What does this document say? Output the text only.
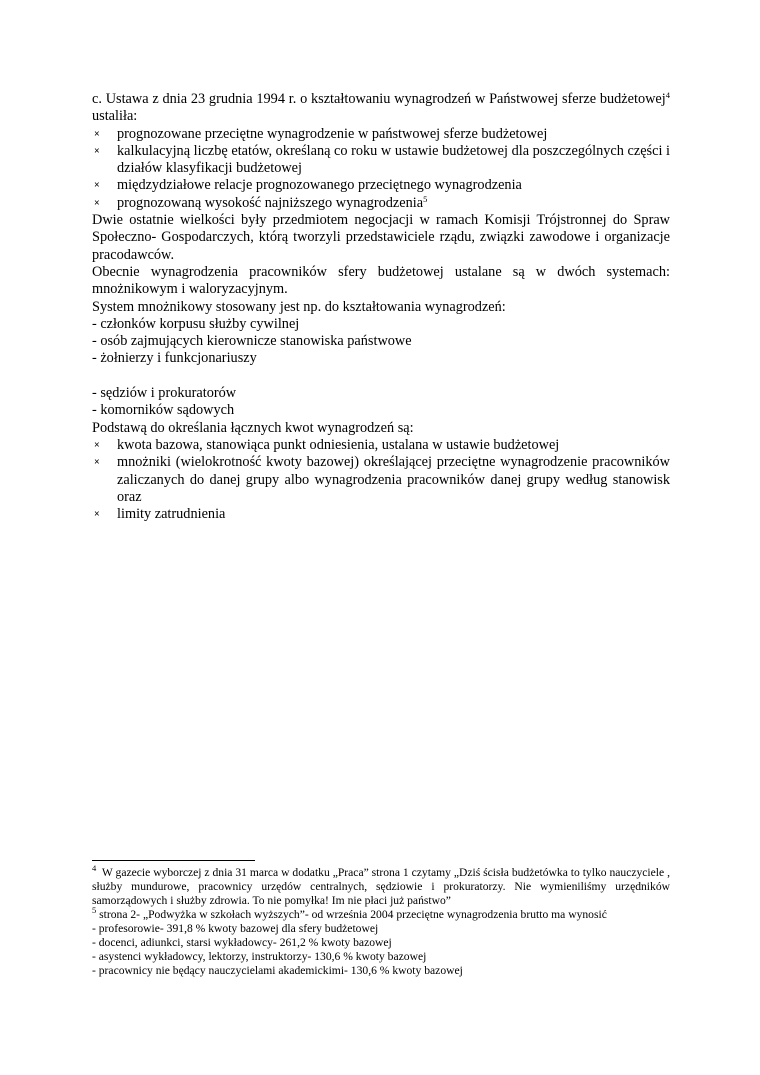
c. Ustawa z dnia 23 grudnia 1994 r. o kształtowaniu wynagrodzeń w Państwowej sferze budżetowej$^4$ ustaliła:

× prognozowane przeciętne wynagrodzenie w państwowej sferze budżetowej
× kalkulacyjną liczbę etatów, określaną co roku w ustawie budżetowej dla poszczególnych części i działów klasyfikacji budżetowej
× międzydziałowe relacje prognozowanego przeciętnego wynagrodzenia
× prognozowaną wysokość najniższego wynagrodzenia$^5$

Dwie ostatnie wielkości były przedmiotem negocjacji w ramach Komisji Trójstronnej do Spraw Społeczno- Gospodarczych, którą tworzyli przedstawiciele rządu, związki zawodowe i organizacje pracodawców.

Obecnie wynagrodzenia pracowników sfery budżetowej ustalane są w dwóch systemach: mnożnikowym i waloryzacyjnym.

System mnożnikowy stosowany jest np. do kształtowania wynagrodzeń:

- członków korpusu służby cywilnej

- osób zajmujących kierownicze stanowiska państwowe

- żołnierzy i funkcjonariuszy

- sędziów i prokuratorów

- komorników sądowych

Podstawą do określania łącznych kwot wynagrodzeń są:

× kwota bazowa, stanowiąca punkt odniesienia, ustalana w ustawie budżetowej
× mnożniki (wielokrotność kwoty bazowej) określającej przeciętne wynagrodzenie pracowników zaliczanych do danej grupy albo wynagrodzenia pracowników danej grupy według stanowisk oraz
× limity zatrudnienia

$^4$ W gazecie wyborczej z dnia 31 marca w dodatku „Praca” strona 1 czytamy „Dziś ścisła budżetówka to tylko nauczyciele , służby mundurowe, pracownicy urzędów centralnych, sędziowie i prokuratorzy. Nie wymieniliśmy urzędników samorządowych i służby zdrowia. To nie pomyłka! Im nie płaci już państwo”

$^5$ strona 2- „Podwyżka w szkołach wyższych”- od września 2004 przeciętne wynagrodzenia brutto ma wynosić

- profesorowie- 391,8 % kwoty bazowej dla sfery budżetowej

- docenci, adiunkci, starsi wykładowcy- 261,2 % kwoty bazowej

- asystenci wykładowcy, lektorzy, instruktorzy- 130,6 % kwoty bazowej

- pracownicy nie będący nauczycielami akademickimi- 130,6 % kwoty bazowej
